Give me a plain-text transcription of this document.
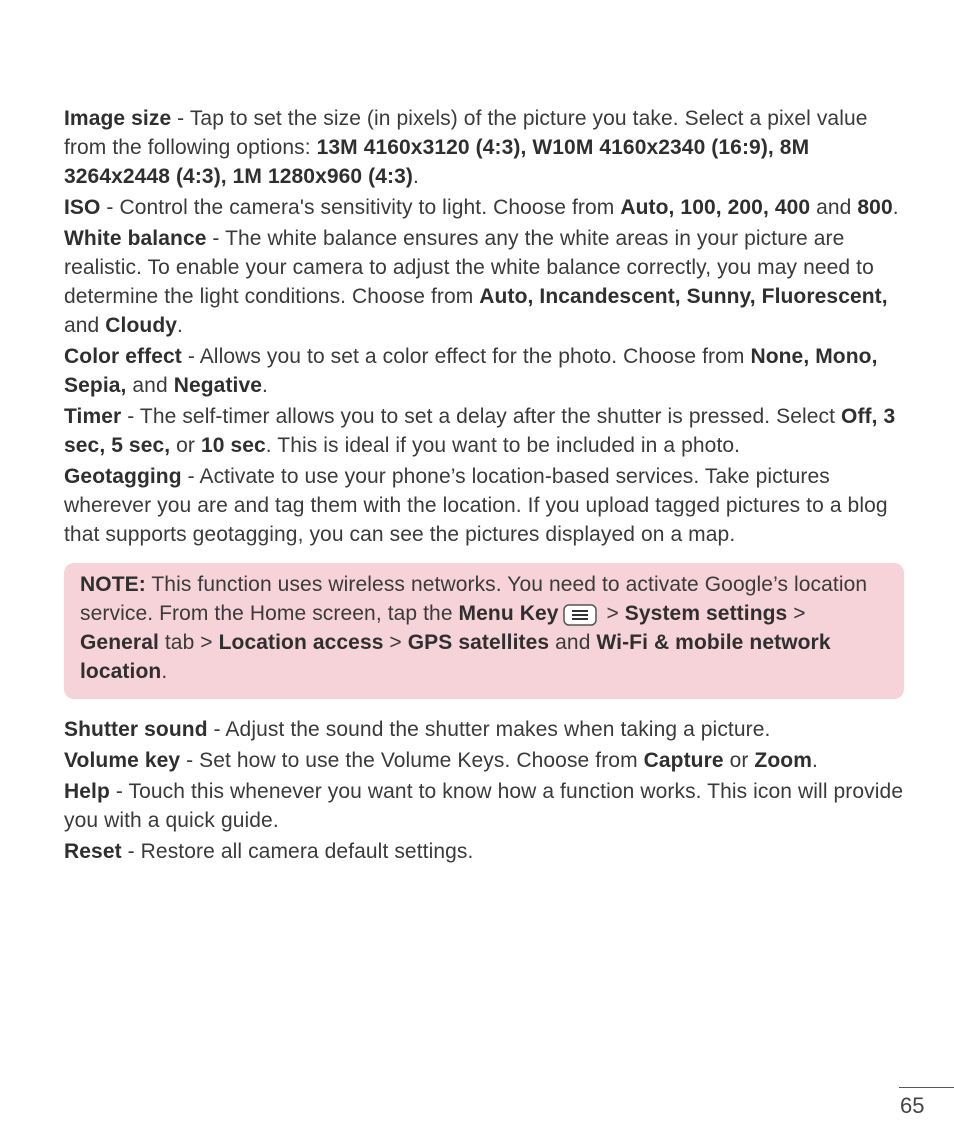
Image size - Tap to set the size (in pixels) of the picture you take. Select a pixel value from the following options: 13M 4160x3120 (4:3), W10M 4160x2340 (16:9), 8M 3264x2448 (4:3), 1M 1280x960 (4:3).
ISO - Control the camera's sensitivity to light. Choose from Auto, 100, 200, 400 and 800.
White balance - The white balance ensures any the white areas in your picture are realistic. To enable your camera to adjust the white balance correctly, you may need to determine the light conditions. Choose from Auto, Incandescent, Sunny, Fluorescent, and Cloudy.
Color effect - Allows you to set a color effect for the photo. Choose from None, Mono, Sepia, and Negative.
Timer - The self-timer allows you to set a delay after the shutter is pressed. Select Off, 3 sec, 5 sec, or 10 sec. This is ideal if you want to be included in a photo.
Geotagging - Activate to use your phone’s location-based services. Take pictures wherever you are and tag them with the location. If you upload tagged pictures to a blog that supports geotagging, you can see the pictures displayed on a map.
NOTE: This function uses wireless networks. You need to activate Google’s location service. From the Home screen, tap the Menu Key > System settings > General tab > Location access > GPS satellites and Wi-Fi & mobile network location.
Shutter sound - Adjust the sound the shutter makes when taking a picture.
Volume key - Set how to use the Volume Keys. Choose from Capture or Zoom.
Help - Touch this whenever you want to know how a function works. This icon will provide you with a quick guide.
Reset - Restore all camera default settings.
65
